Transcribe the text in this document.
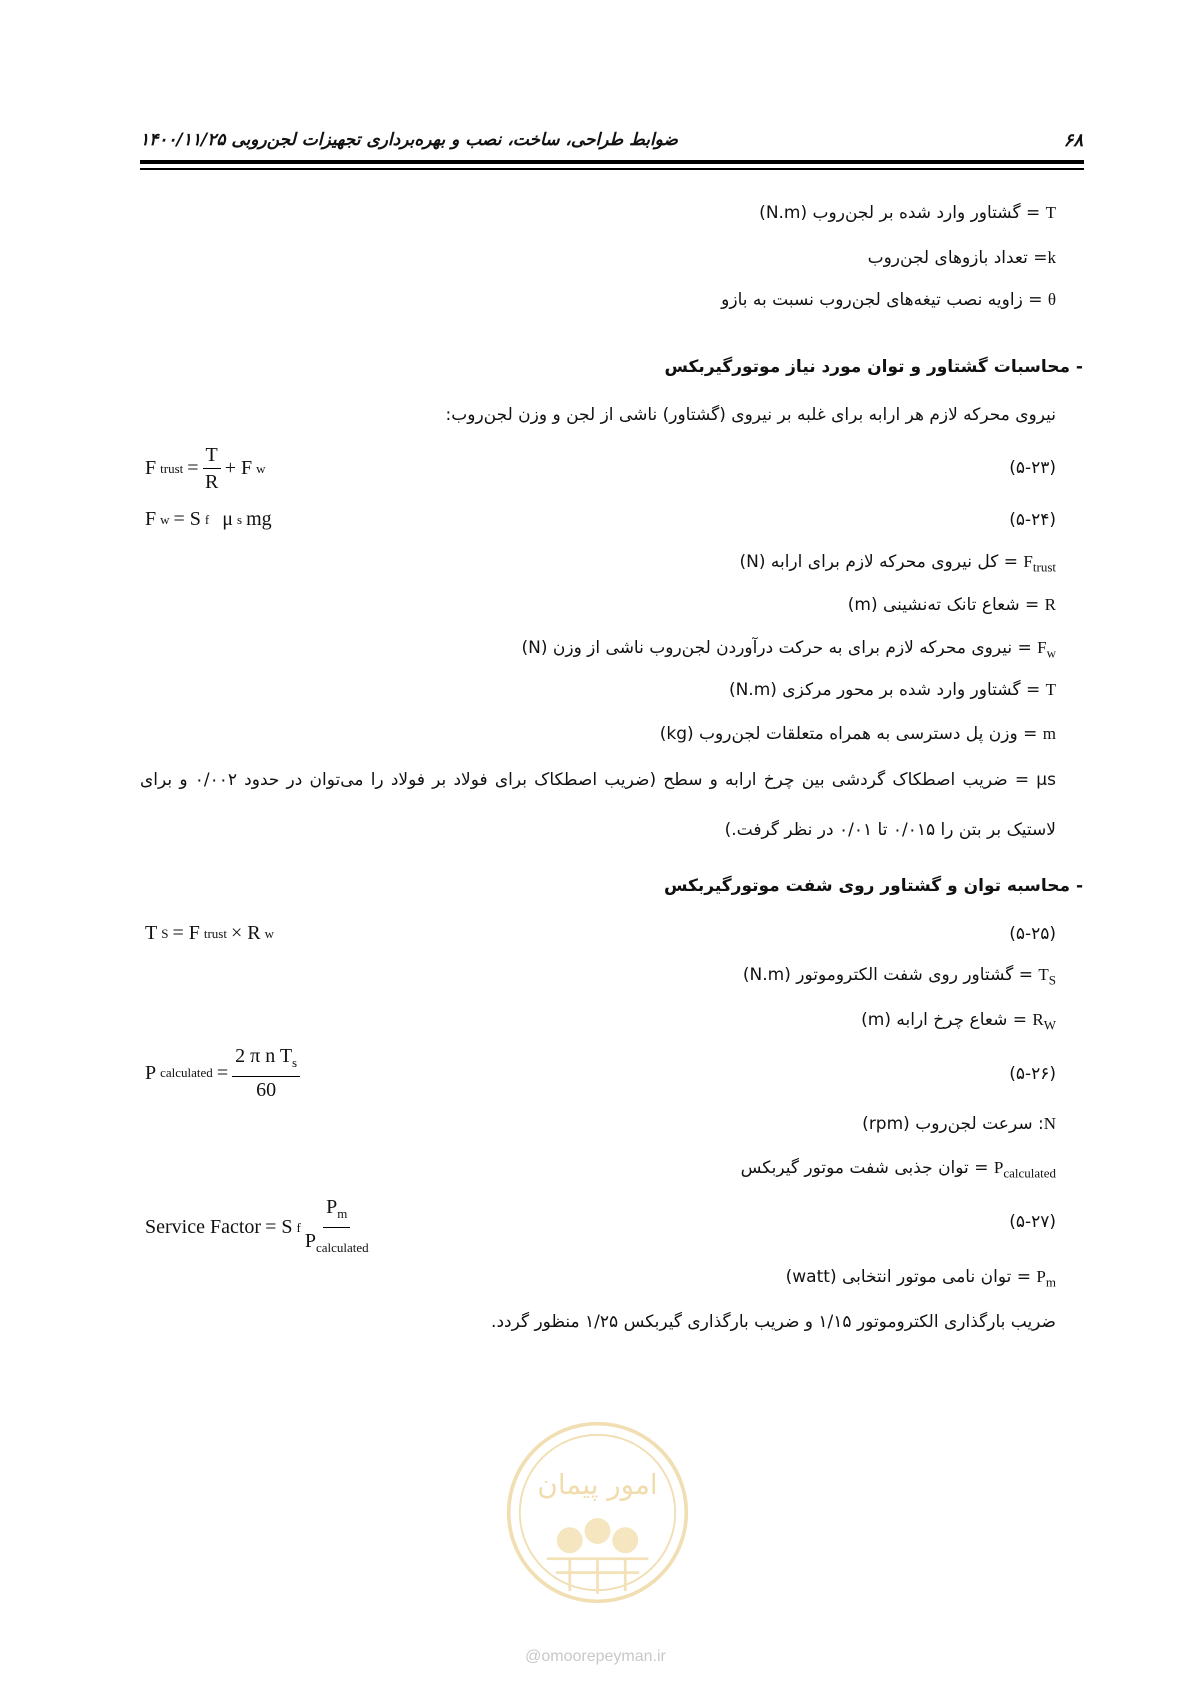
ضوابط طراحی، ساخت، نصب و بهره‌برداری تجهیزات لجن‌روبی ۱۴۰۰/۱۱/۲۵	۶۸
T = گشتاور وارد شده بر لجن‌روب (N.m)
k= تعداد بازوهای لجن‌روب
θ = زاویه نصب تیغه‌های لجن‌روب نسبت به بازو
- محاسبات گشتاور و توان مورد نیاز موتورگیربکس
نیروی محرکه لازم هر ارابه برای غلبه بر نیروی (گشتاور) ناشی از لجن و وزن لجن‌روب:
F trust = $\frac{T}{R} + F$ w	(۵-۲۳)
F w = S f
μ s mg	(۵-۲۴)
$F_{trust}$ = کل نیروی محرکه لازم برای ارابه (N)
R = شعاع تانک ته‌نشینی (m)
$F_w$ = نیروی محرکه لازم برای به حرکت درآوردن لجن‌روب ناشی از وزن (N)
T = گشتاور وارد شده بر محور مرکزی (N.m)
m = وزن پل دسترسی به همراه متعلقات لجن‌روب (kg)
μs = ضریب اصطکاک گردشی بین چرخ ارابه و سطح (ضریب اصطکاک برای فولاد بر فولاد را می‌توان در حدود ۰/۰۰۲ و برای لاستیک بر بتن را ۰/۰۱۵ تا ۰/۰۱ در نظر گرفت.)
- محاسبه توان و گشتاور روی شفت موتورگیربکس
T S = F trust × R w	(۵-۲۵)
$T_S$ = گشتاور روی شفت الکتروموتور (N.m)
$R_W$ = شعاع چرخ ارابه (m)
P calculated = $\frac{2 \pi n T_s}{60}$	(۵-۲۶)
N: سرعت لجن‌روب (rpm)
$P_{calculated}$ = توان جذبی شفت موتور گیربکس
Service Factor = S f $\frac{P_m}{P_{calculated}}$	(۵-۲۷)
$P_m$ = توان نامی موتور انتخابی (watt)
ضریب بارگذاری الکتروموتور ۱/۱۵ و ضریب بارگذاری گیربکس ۱/۲۵ منظور گردد.
امور پیمان
@omoorepeyman.ir
